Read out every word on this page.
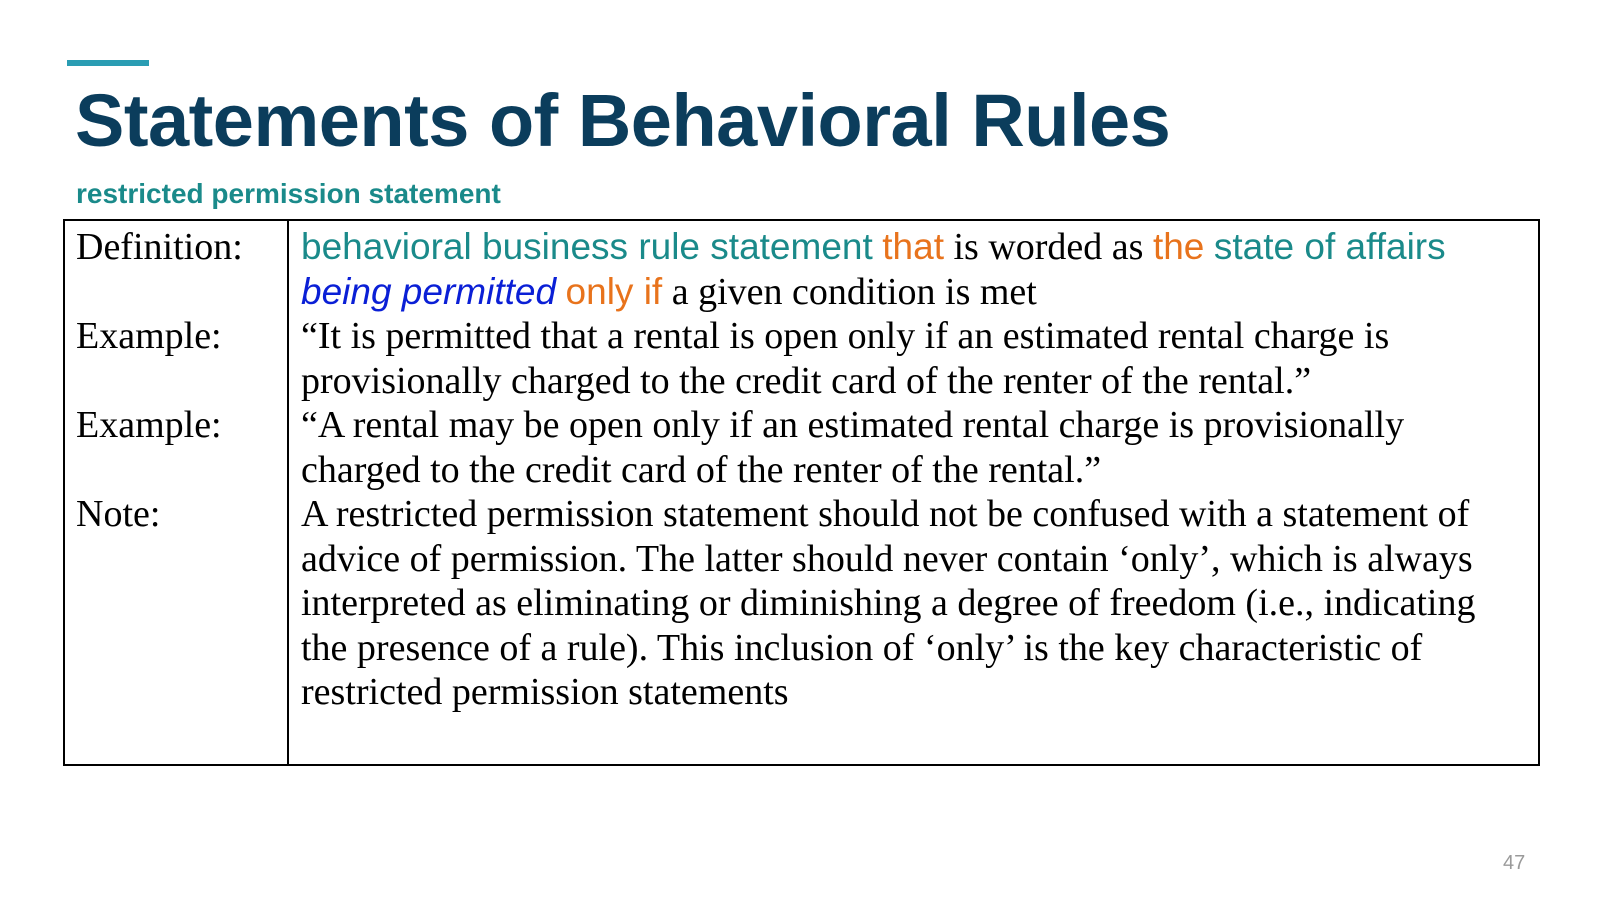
Statements of Behavioral Rules
restricted permission statement
Definition:
Example:
Example:
Note:
behavioral business rule statement that is worded as the state of affairs being permitted only if a given condition is met
“It is permitted that a rental is open only if an estimated rental charge is provisionally charged to the credit card of the renter of the rental.”
“A rental may be open only if an estimated rental charge is provisionally charged to the credit card of the renter of the rental.”
A restricted permission statement should not be confused with a statement of advice of permission. The latter should never contain ‘only’, which is always interpreted as eliminating or diminishing a degree of freedom (i.e., indicating the presence of a rule). This inclusion of ‘only’ is the key characteristic of restricted permission statements
47
